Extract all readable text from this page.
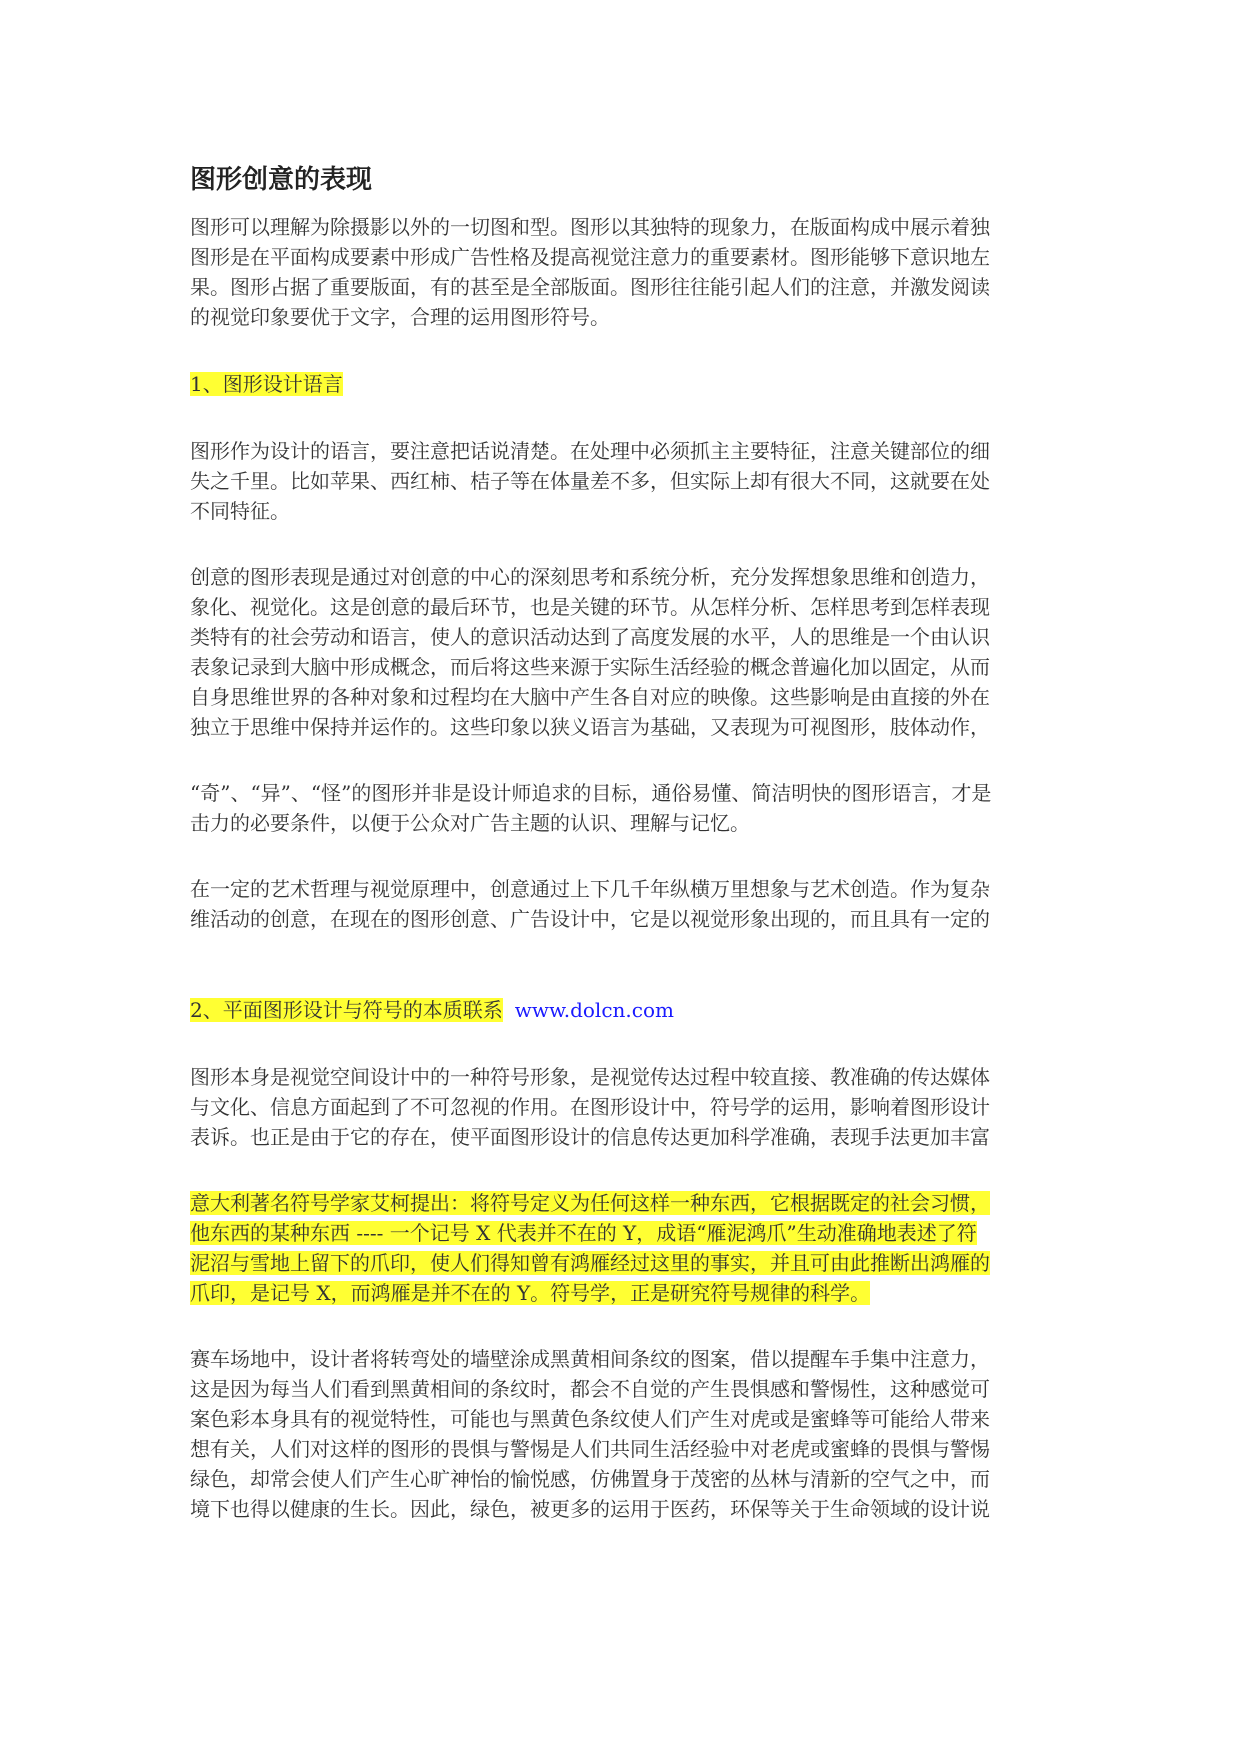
图形创意的表现
图形可以理解为除摄影以外的一切图和型。图形以其独特的现象力，在版面构成中展示着独
图形是在平面构成要素中形成广告性格及提高视觉注意力的重要素材。图形能够下意识地左
果。图形占据了重要版面，有的甚至是全部版面。图形往往能引起人们的注意，并激发阅读
的视觉印象要优于文字，合理的运用图形符号。
1、图形设计语言
图形作为设计的语言，要注意把话说清楚。在处理中必须抓主主要特征，注意关键部位的细
失之千里。比如苹果、西红柿、桔子等在体量差不多，但实际上却有很大不同，这就要在处
不同特征。
创意的图形表现是通过对创意的中心的深刻思考和系统分析，充分发挥想象思维和创造力，
象化、视觉化。这是创意的最后环节，也是关键的环节。从怎样分析、怎样思考到怎样表现
类特有的社会劳动和语言，使人的意识活动达到了高度发展的水平，人的思维是一个由认识
表象记录到大脑中形成概念，而后将这些来源于实际生活经验的概念普遍化加以固定，从而
自身思维世界的各种对象和过程均在大脑中产生各自对应的映像。这些影响是由直接的外在
独立于思维中保持并运作的。这些印象以狭义语言为基础，又表现为可视图形，肢体动作，
“奇”、“异”、“怪”的图形并非是设计师追求的目标，通俗易懂、简洁明快的图形语言，才是
击力的必要条件，以便于公众对广告主题的认识、理解与记忆。
在一定的艺术哲理与视觉原理中，创意通过上下几千年纵横万里想象与艺术创造。作为复杂
维活动的创意，在现在的图形创意、广告设计中，它是以视觉形象出现的，而且具有一定的
2、平面图形设计与符号的本质联系 www.dolcn.com
图形本身是视觉空间设计中的一种符号形象，是视觉传达过程中较直接、教准确的传达媒体
与文化、信息方面起到了不可忽视的作用。在图形设计中，符号学的运用，影响着图形设计
表诉。也正是由于它的存在，使平面图形设计的信息传达更加科学准确，表现手法更加丰富
意大利著名符号学家艾柯提出：将符号定义为任何这样一种东西，它根据既定的社会习惯，
他东西的某种东西 ---- 一个记号 X 代表并不在的 Y，成语“雁泥鸿爪”生动准确地表述了符
泥沼与雪地上留下的爪印，使人们得知曾有鸿雁经过这里的事实，并且可由此推断出鸿雁的
爪印，是记号 X，而鸿雁是并不在的 Y。符号学，正是研究符号规律的科学。
赛车场地中，设计者将转弯处的墙壁涂成黑黄相间条纹的图案，借以提醒车手集中注意力，
这是因为每当人们看到黑黄相间的条纹时，都会不自觉的产生畏惧感和警惕性，这种感觉可
案色彩本身具有的视觉特性，可能也与黑黄色条纹使人们产生对虎或是蜜蜂等可能给人带来
想有关，人们对这样的图形的畏惧与警惕是人们共同生活经验中对老虎或蜜蜂的畏惧与警惕
绿色，却常会使人们产生心旷神怡的愉悦感，仿佛置身于茂密的丛林与清新的空气之中，而
境下也得以健康的生长。因此，绿色，被更多的运用于医药，环保等关于生命领域的设计说
